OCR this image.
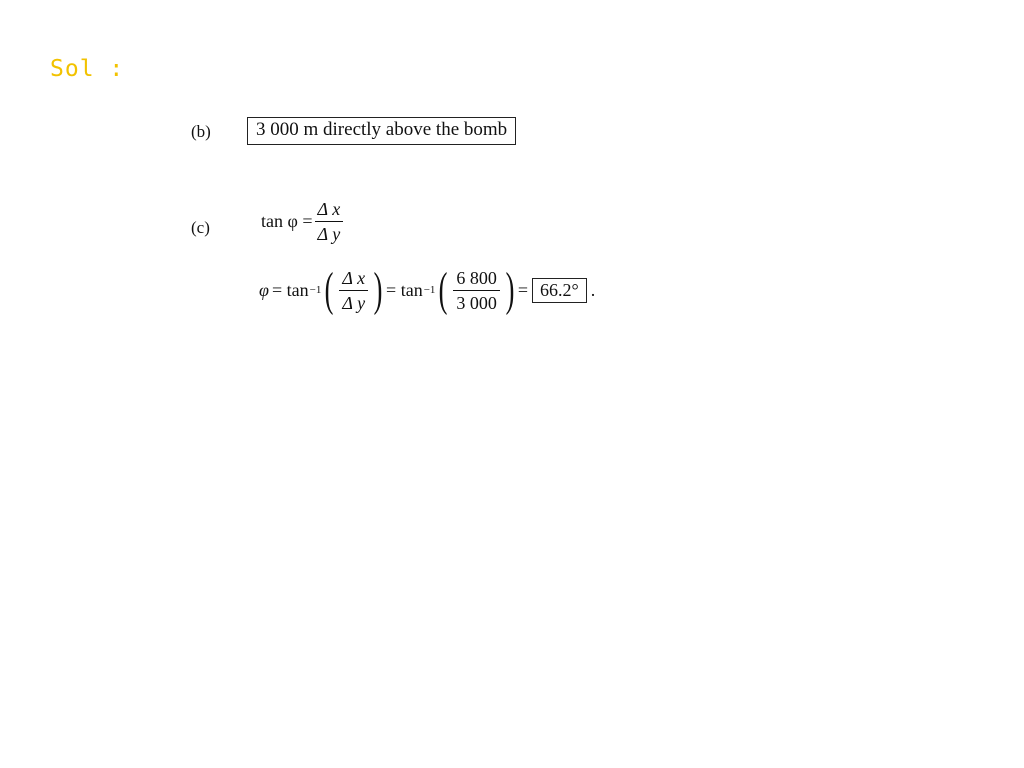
Sol :
(b)	3 000 m directly above the bomb
(c)	$\tan \varphi = \frac{\text{Δ x}}{\text{Δ y}}$
φ = tan −1 ( $\frac{\text{Δ x}}{\text{Δ y}}$ ) = tan −1 ( $\frac{6 800}{3 000}$ ) = 66.2° .
